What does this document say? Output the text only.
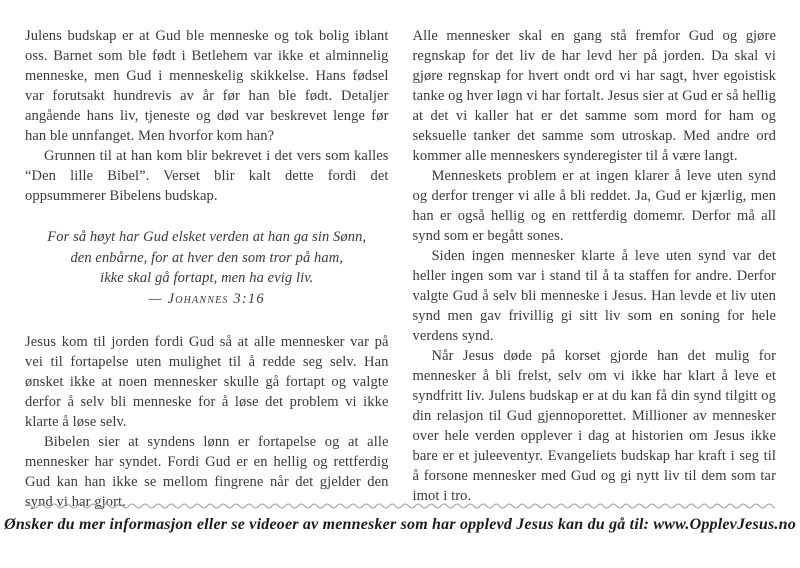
Julens budskap er at Gud ble menneske og tok bolig iblant oss. Barnet som ble født i Betlehem var ikke et alminnelig menneske, men Gud i menneskelig skikkelse. Hans fødsel var forutsakt hundrevis av år før han ble født. Detaljer angående hans liv, tjeneste og død var beskrevet lenge før han ble unnfanget. Men hvorfor kom han?

Grunnen til at han kom blir bekrevet i det vers som kalles “Den lille Bibel”. Verset blir kalt dette fordi det oppsummerer Bibelens budskap.

For så høyt har Gud elsket verden at han ga sin Sønn,
den enbårne, for at hver den som tror på ham,
ikke skal gå fortapt, men ha evig liv.
— Johannes 3:16

Jesus kom til jorden fordi Gud så at alle mennesker var på vei til fortapelse uten mulighet til å redde seg selv. Han ønsket ikke at noen mennesker skulle gå fortapt og valgte derfor å selv bli menneske for å løse det problem vi ikke klarte å løse selv.

Bibelen sier at syndens lønn er fortapelse og at alle mennesker har syndet. Fordi Gud er en hellig og rettferdig Gud kan han ikke se mellom fingrene når det gjelder den synd vi har gjort.

Alle mennesker skal en gang stå fremfor Gud og gjøre regnskap for det liv de har levd her på jorden. Da skal vi gjøre regnskap for hvert ondt ord vi har sagt, hver egoistisk tanke og hver løgn vi har fortalt. Jesus sier at Gud er så hellig at det vi kaller hat er det samme som mord for ham og seksuelle tanker det samme som utroskap. Med andre ord kommer alle menneskers synderegister til å være langt.

Menneskets problem er at ingen klarer å leve uten synd og derfor trenger vi alle å bli reddet. Ja, Gud er kjærlig, men han er også hellig og en rettferdig domemr. Derfor må all synd som er begått sones.

Siden ingen mennesker klarte å leve uten synd var det heller ingen som var i stand til å ta staffen for andre. Derfor valgte Gud å selv bli menneske i Jesus. Han levde et liv uten synd men gav frivillig gi sitt liv som en soning for hele verdens synd.

Når Jesus døde på korset gjorde han det mulig for mennesker å bli frelst, selv om vi ikke har klart å leve et syndfritt liv. Julens budskap er at du kan få din synd tilgitt og din relasjon til Gud gjennoporettet. Millioner av mennesker over hele verden opplever i dag at historien om Jesus ikke bare er et juleeventyr. Evangeliets budskap har kraft i seg til å forsone mennesker med Gud og gi nytt liv til dem som tar imot i tro.

Ønsker du mer informasjon eller se videoer av mennesker som har opplevd Jesus kan du gå til: www.OpplevJesus.no
